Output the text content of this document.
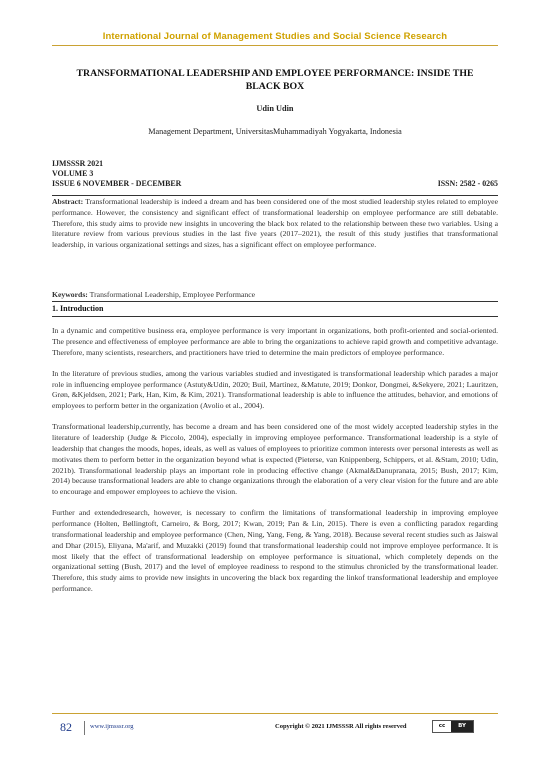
International Journal of Management Studies and Social Science Research
TRANSFORMATIONAL LEADERSHIP AND EMPLOYEE PERFORMANCE: INSIDE THE BLACK BOX
Udin Udin
Management Department, UniversitasMuhammadiyah Yogyakarta, Indonesia
IJMSSSR 2021
VOLUME 3
ISSUE 6 NOVEMBER - DECEMBER	ISSN: 2582 - 0265
Abstract: Transformational leadership is indeed a dream and has been considered one of the most studied leadership styles related to employee performance. However, the consistency and significant effect of transformational leadership on employee performance are still debatable. Therefore, this study aims to provide new insights in uncovering the black box related to the relationship between these two variables. Using a literature review from various previous studies in the last five years (2017–2021), the result of this study justifies that transformational leadership, in various organizational settings and sizes, has a significant effect on employee performance.
Keywords: Transformational Leadership, Employee Performance
1. Introduction

In a dynamic and competitive business era, employee performance is very important in organizations, both profit-oriented and social-oriented. The presence and effectiveness of employee performance are able to bring the organizations to achieve rapid growth and competitive advantage. Therefore, many scientists, researchers, and practitioners have tried to determine the main predictors of employee performance.

In the literature of previous studies, among the various variables studied and investigated is transformational leadership which parades a major role in influencing employee performance (Astuty&Udin, 2020; Buil, Martínez, &Matute, 2019; Donkor, Dongmei, &Sekyere, 2021; Lauritzen, Grøn, &Kjeldsen, 2021; Park, Han, Kim, & Kim, 2021). Transformational leadership is able to influence the attitudes, behavior, and emotions of employees to perform better in the organization (Avolio et al., 2004).

Transformational leadership,currently, has become a dream and has been considered one of the most widely accepted leadership styles in the literature of leadership (Judge & Piccolo, 2004), especially in improving employee performance. Transformational leadership is a style of leadership that changes the moods, hopes, ideals, as well as values of employees to prioritize common interests over personal interests as well as motivates them to perform better in the organization beyond what is expected (Pieterse, van Knippenberg, Schippers, et al. &Stam, 2010; Udin, 2021b). Transformational leadership plays an important role in producing effective change (Akmal&Danupranata, 2015; Bush, 2017; Kim, 2014) because transformational leaders are able to change organizations through the elaboration of a very clear vision for the future and are able to encourage and empower employees to achieve the vision.

Further and extendedresearch, however, is necessary to confirm the limitations of transformational leadership in improving employee performance (Holten, Bøllingtoft, Carneiro, & Borg, 2017; Kwan, 2019; Pan & Lin, 2015). There is even a conflicting paradox regarding transformational leadership and employee performance (Chen, Ning, Yang, Feng, & Yang, 2018). Because several recent studies such as Jaiswal and Dhar (2015), Eliyana, Ma'arif, and Muzakki (2019) found that transformational leadership could not improve employee performance. It is most likely that the effect of transformational leadership on employee performance is situational, which completely depends on the organizational setting (Bush, 2017) and the level of employee readiness to respond to the stimulus chronicled by the transformational leader. Therefore, this study aims to provide new insights in uncovering the black box regarding the linkof transformational leadership and employee performance.

82	www.ijmsssr.org	Copyright © 2021 IJMSSSR All rights reserved	cc	BY
